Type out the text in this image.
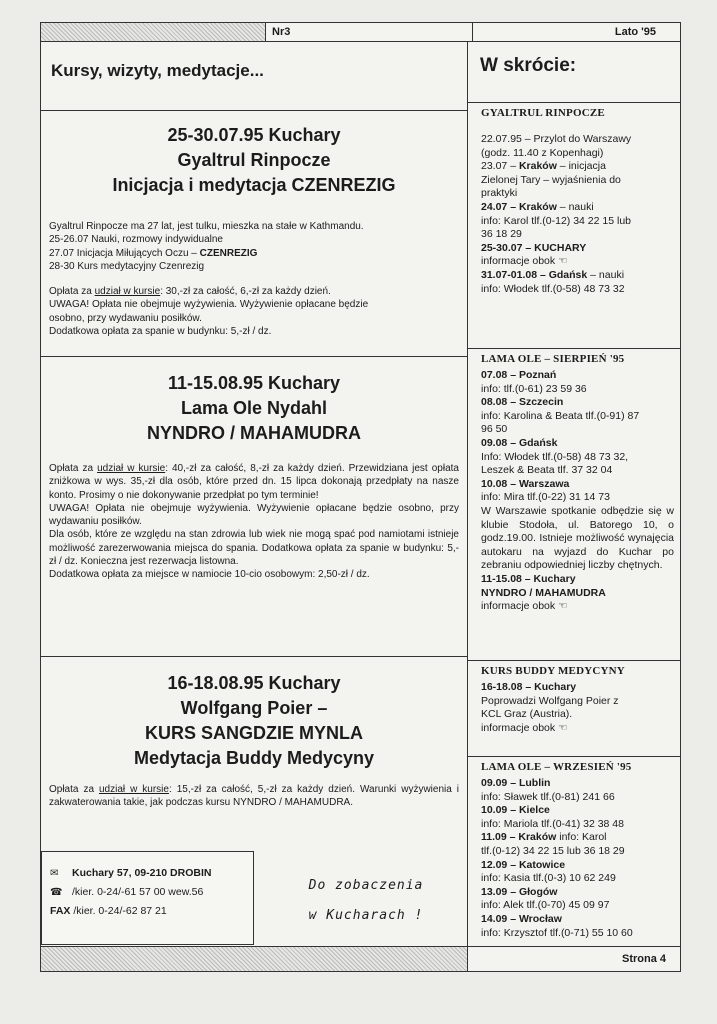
Nr3	Lato '95
Kursy, wizyty, medytacje...
25-30.07.95 Kuchary
Gyaltrul Rinpocze
Inicjacja i medytacja CZENREZIG

Gyaltrul Rinpocze ma 27 lat, jest tulku, mieszka na stałe w Kathmandu.

25-26.07 Nauki, rozmowy indywidualne

27.07 Inicjacja Miłujących Oczu – CZENREZIG

28-30 Kurs medytacyjny Czenrezig

Opłata za udział w kursie: 30,-zł za całość, 6,-zł za każdy dzień.

UWAGA! Opłata nie obejmuje wyżywienia. Wyżywienie opłacane będzie

osobno, przy wydawaniu posiłków.

Dodatkowa opłata za spanie w budynku: 5,-zł / dz.

11-15.08.95 Kuchary
Lama Ole Nydahl
NYNDRO / MAHAMUDRA

Opłata za udział w kursie: 40,-zł za całość, 8,-zł za każdy dzień. Przewidziana jest opłata zniżkowa w wys. 35,-zł dla osób, które przed dn. 15 lipca dokonają przedpłaty na nasze konto. Prosimy o nie dokonywanie przedpłat po tym terminie!

UWAGA! Opłata nie obejmuje wyżywienia. Wyżywienie opłacane będzie osobno, przy wydawaniu posiłków.

Dla osób, które ze względu na stan zdrowia lub wiek nie mogą spać pod namiotami istnieje możliwość zarezerwowania miejsca do spania. Dodatkowa opłata za spanie w budynku: 5,-zł / dz. Konieczna jest rezerwacja listowna.

Dodatkowa opłata za miejsce w namiocie 10-cio osobowym: 2,50-zł / dz.

16-18.08.95 Kuchary
Wolfgang Poier –
KURS SANGDZIE MYNLA
Medytacja Buddy Medycyny

Opłata za udział w kursie: 15,-zł za całość, 5,-zł za każdy dzień. Warunki wyżywienia i zakwaterowania takie, jak podczas kursu NYNDRO / MAHAMUDRA.

✉ Kuchary 57, 09-210 DROBIN
☎ /kier. 0-24/-61 57 00 wew.56
FAX /kier. 0-24/-62 87 21
Do zobaczenia
w Kucharach !
W skrócie:

GYALTRUL RINPOCZE

22.07.95 – Przylot do Warszawy

(godz. 11.40 z Kopenhagi)

23.07 – Kraków – inicjacja

Zielonej Tary – wyjaśnienia do

praktyki

24.07 – Kraków – nauki

info: Karol tlf.(0-12) 34 22 15 lub

36 18 29

25-30.07 – KUCHARY

informacje obok ☜

31.07-01.08 – Gdańsk – nauki

info: Włodek tlf.(0-58) 48 73 32

LAMA OLE – SIERPIEŃ '95

07.08 – Poznań

info: tlf.(0-61) 23 59 36

08.08 – Szczecin

info: Karolina & Beata tlf.(0-91) 87

96 50

09.08 – Gdańsk

Info: Włodek tlf.(0-58) 48 73 32,

Leszek & Beata tlf. 37 32 04

10.08 – Warszawa

info: Mira tlf.(0-22) 31 14 73

W Warszawie spotkanie odbędzie się w klubie Stodoła, ul. Batorego 10, o godz.19.00. Istnieje możliwość wynajęcia autokaru na wyjazd do Kuchar po zebraniu odpowiedniej liczby chętnych.

11-15.08 – Kuchary

NYNDRO / MAHAMUDRA

informacje obok ☜

KURS BUDDY MEDYCYNY

16-18.08 – Kuchary

Poprowadzi Wolfgang Poier z

KCL Graz (Austria).

informacje obok ☜

LAMA OLE – WRZESIEŃ '95

09.09 – Lublin

info: Sławek tlf.(0-81) 241 66

10.09 – Kielce

info: Mariola tlf.(0-41) 32 38 48

11.09 – Kraków info: Karol

tlf.(0-12) 34 22 15 lub 36 18 29

12.09 – Katowice

info: Kasia tlf.(0-3) 10 62 249

13.09 – Głogów

info: Alek tlf.(0-70) 45 09 97

14.09 – Wrocław

info: Krzysztof tlf.(0-71) 55 10 60

Strona 4
